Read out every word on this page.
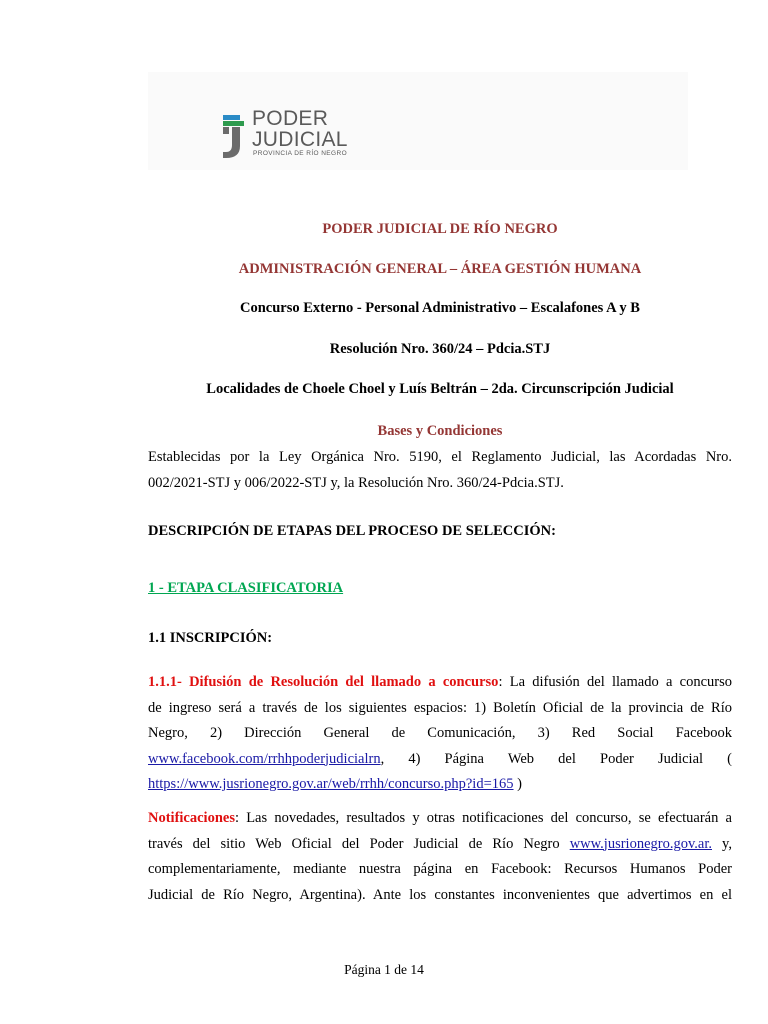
PODER
JUDICIAL
PROVINCIA DE RÍO NEGRO
PODER JUDICIAL DE RÍO NEGRO
ADMINISTRACIÓN GENERAL – ÁREA GESTIÓN HUMANA
Concurso Externo - Personal Administrativo – Escalafones A y B
Resolución Nro. 360/24 – Pdcia.STJ
Localidades de Choele Choel y Luís Beltrán – 2da. Circunscripción Judicial
Bases y Condiciones
Establecidas por la Ley Orgánica Nro. 5190, el Reglamento Judicial, las Acordadas Nro.
002/2021-STJ y 006/2022-STJ y, la Resolución Nro. 360/24-Pdcia.STJ.
DESCRIPCIÓN DE ETAPAS DEL PROCESO DE SELECCIÓN:
1 - ETAPA CLASIFICATORIA
1.1 INSCRIPCIÓN:
1.1.1- Difusión de Resolución del llamado a concurso: La difusión del llamado a concurso
de ingreso será a través de los siguientes espacios: 1) Boletín Oficial de la provincia de Río
Negro, 2) Dirección General de Comunicación, 3) Red Social Facebook
www.facebook.com/rrhhpoderjudicialrn, 4) Página Web del Poder Judicial (
https://www.jusrionegro.gov.ar/web/rrhh/concurso.php?id=165 )
Notificaciones: Las novedades, resultados y otras notificaciones del concurso, se efectuarán a
través del sitio Web Oficial del Poder Judicial de Río Negro www.jusrionegro.gov.ar. y,
complementariamente, mediante nuestra página en Facebook: Recursos Humanos Poder
Judicial de Río Negro, Argentina). Ante los constantes inconvenientes que advertimos en el
Página 1 de 14
